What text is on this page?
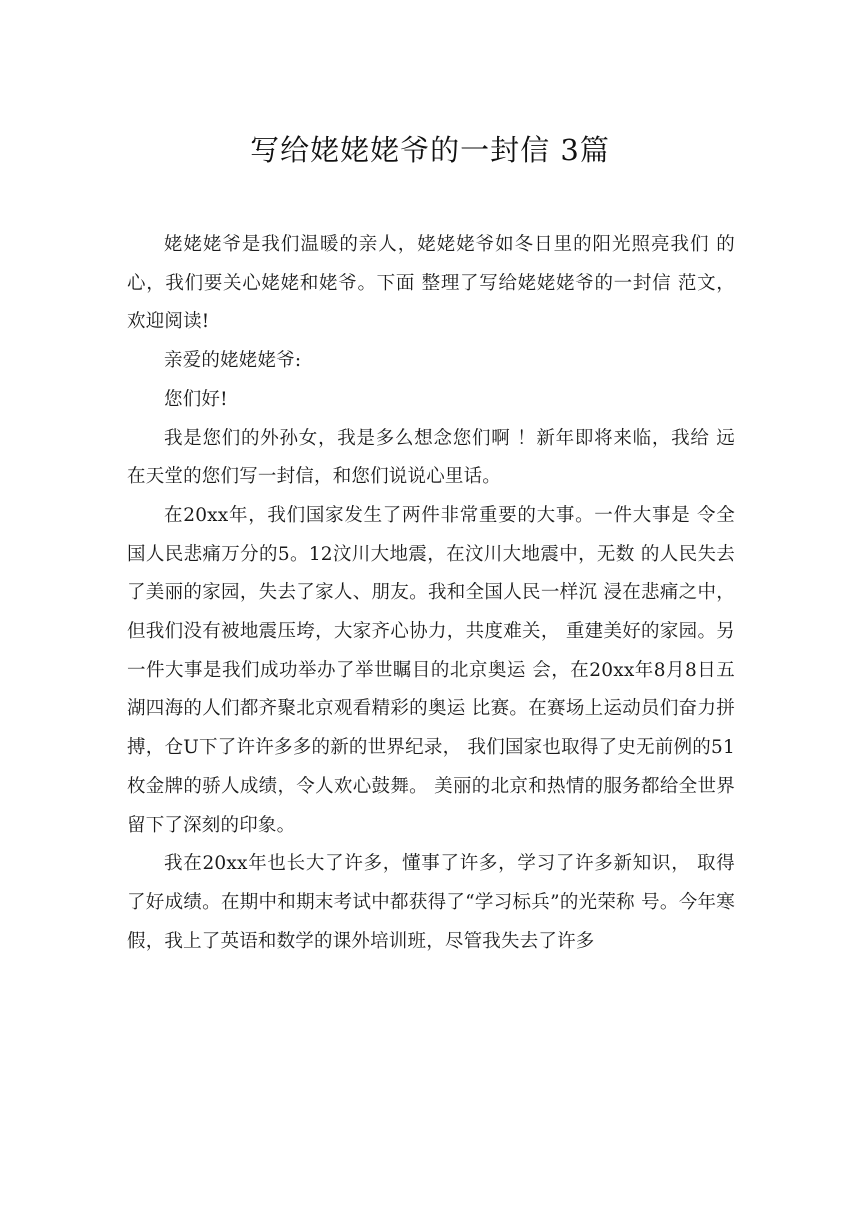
写给姥姥姥爷的一封信 3篇

姥姥姥爷是我们温暖的亲人，姥姥姥爷如冬日里的阳光照亮我们 的心，我们要关心姥姥和姥爷。下面 整理了写给姥姥姥爷的一封信 范文，欢迎阅读!

亲爱的姥姥姥爷:

您们好!

我是您们的外孙女，我是多么想念您们啊 ！新年即将来临，我给 远在天堂的您们写一封信，和您们说说心里话。

在20xx年，我们国家发生了两件非常重要的大事。一件大事是 令全国人民悲痛万分的5。12汶川大地震，在汶川大地震中，无数 的人民失去了美丽的家园，失去了家人、朋友。我和全国人民一样沉 浸在悲痛之中，但我们没有被地震压垮，大家齐心协力，共度难关， 重建美好的家园。另一件大事是我们成功举办了举世瞩目的北京奥运 会，在20xx年8月8日五湖四海的人们都齐聚北京观看精彩的奥运 比赛。在赛场上运动员们奋力拼搏，仓U下了许许多多的新的世界纪录， 我们国家也取得了史无前例的51枚金牌的骄人成绩，令人欢心鼓舞。 美丽的北京和热情的服务都给全世界留下了深刻的印象。

我在20xx年也长大了许多，懂事了许多，学习了许多新知识， 取得了好成绩。在期中和期末考试中都获得了“学习标兵”的光荣称 号。今年寒假，我上了英语和数学的课外培训班，尽管我失去了许多
